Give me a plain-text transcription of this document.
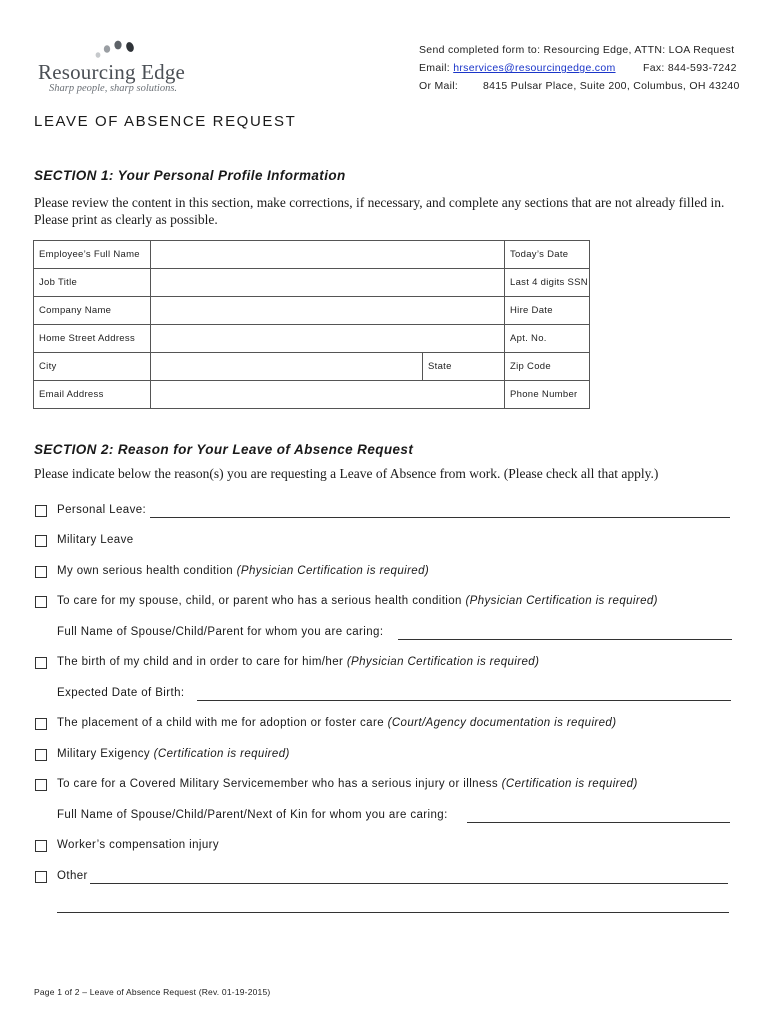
Resourcing Edge
Sharp people, sharp solutions.
Send completed form to: Resourcing Edge, ATTN: LOA Request
Email: hrservices@resourcingedge.com	Fax: 844-593-7242
Or Mail: 8415 Pulsar Place, Suite 200, Columbus, OH 43240
LEAVE OF ABSENCE REQUEST
SECTION 1: Your Personal Profile Information
Please review the content in this section, make corrections, if necessary, and complete any sections that are not already filled in. Please print as clearly as possible.
Employee’s Full Name			Today’s Date
Job Title			Last 4 digits SSN
Company Name			Hire Date
Home Street Address			Apt. No.
City		State	Zip Code
Email Address			Phone Number
SECTION 2: Reason for Your Leave of Absence Request
Please indicate below the reason(s) you are requesting a Leave of Absence from work. (Please check all that apply.)
Personal Leave:
Military Leave
My own serious health condition (Physician Certification is required)
To care for my spouse, child, or parent who has a serious health condition (Physician Certification is required)
Full Name of Spouse/Child/Parent for whom you are caring:
The birth of my child and in order to care for him/her (Physician Certification is required)
Expected Date of Birth:
The placement of a child with me for adoption or foster care (Court/Agency documentation is required)
Military Exigency (Certification is required)
To care for a Covered Military Servicemember who has a serious injury or illness (Certification is required)
Full Name of Spouse/Child/Parent/Next of Kin for whom you are caring:
Worker’s compensation injury
Other
Page 1 of 2 – Leave of Absence Request (Rev. 01-19-2015)
